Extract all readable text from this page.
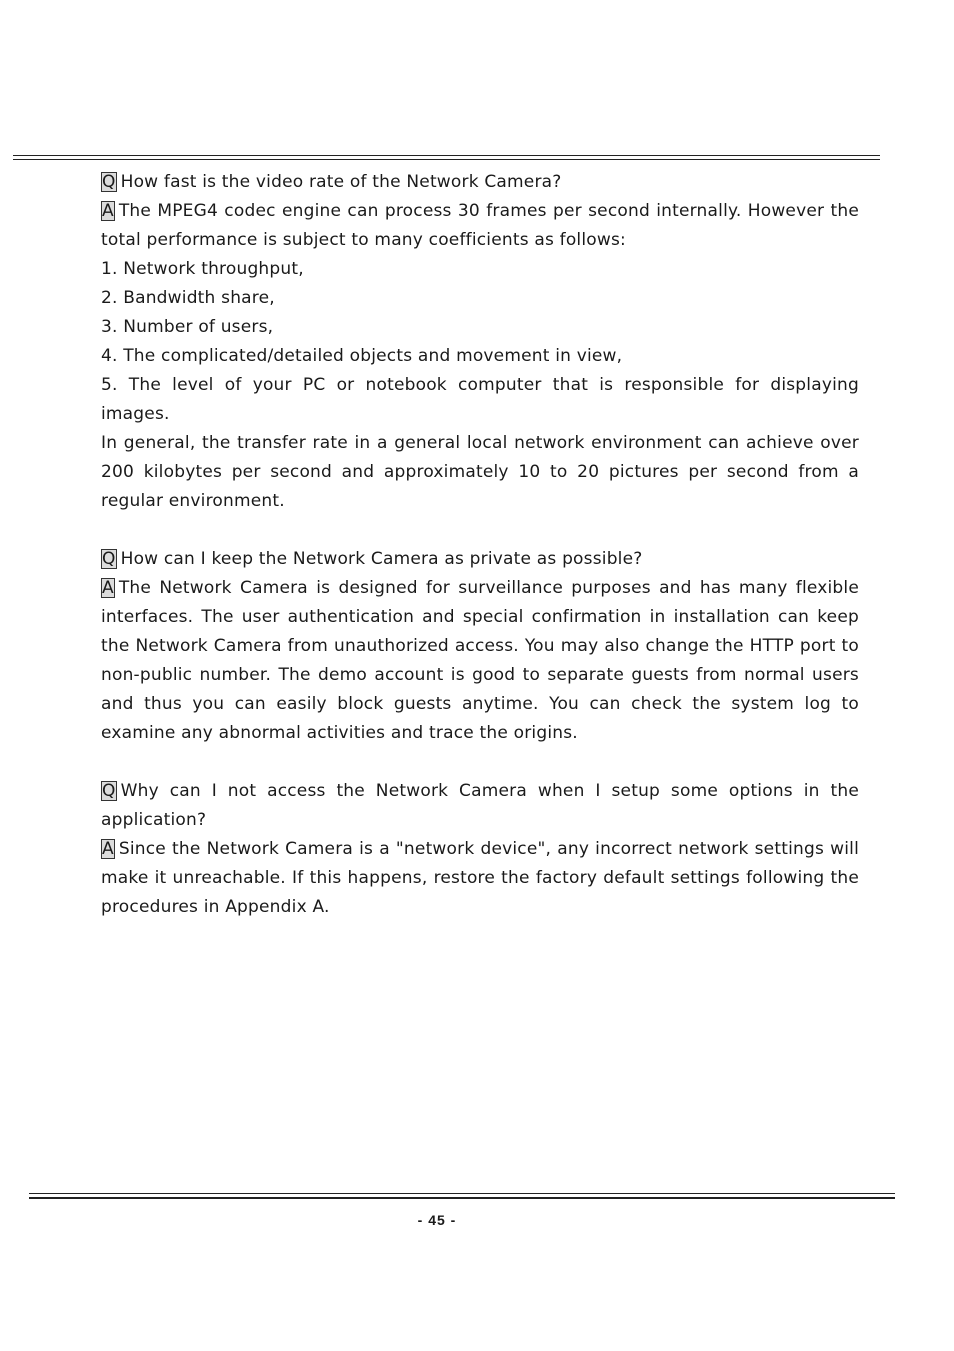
Q How fast is the video rate of the Network Camera?

A The MPEG4 codec engine can process 30 frames per second internally. However the total performance is subject to many coefficients as follows:

1. Network throughput,

2. Bandwidth share,

3. Number of users,

4. The complicated/detailed objects and movement in view,

5. The level of your PC or notebook computer that is responsible for displaying images.

In general, the transfer rate in a general local network environment can achieve over 200 kilobytes per second and approximately 10 to 20 pictures per second from a regular environment.

Q How can I keep the Network Camera as private as possible?

A The Network Camera is designed for surveillance purposes and has many flexible interfaces. The user authentication and special confirmation in installation can keep the Network Camera from unauthorized access. You may also change the HTTP port to non-public number. The demo account is good to separate guests from normal users and thus you can easily block guests anytime. You can check the system log to examine any abnormal activities and trace the origins.

Q Why can I not access the Network Camera when I setup some options in the application?

A Since the Network Camera is a "network device", any incorrect network settings will make it unreachable. If this happens, restore the factory default settings following the procedures in Appendix A.

- 45 -
